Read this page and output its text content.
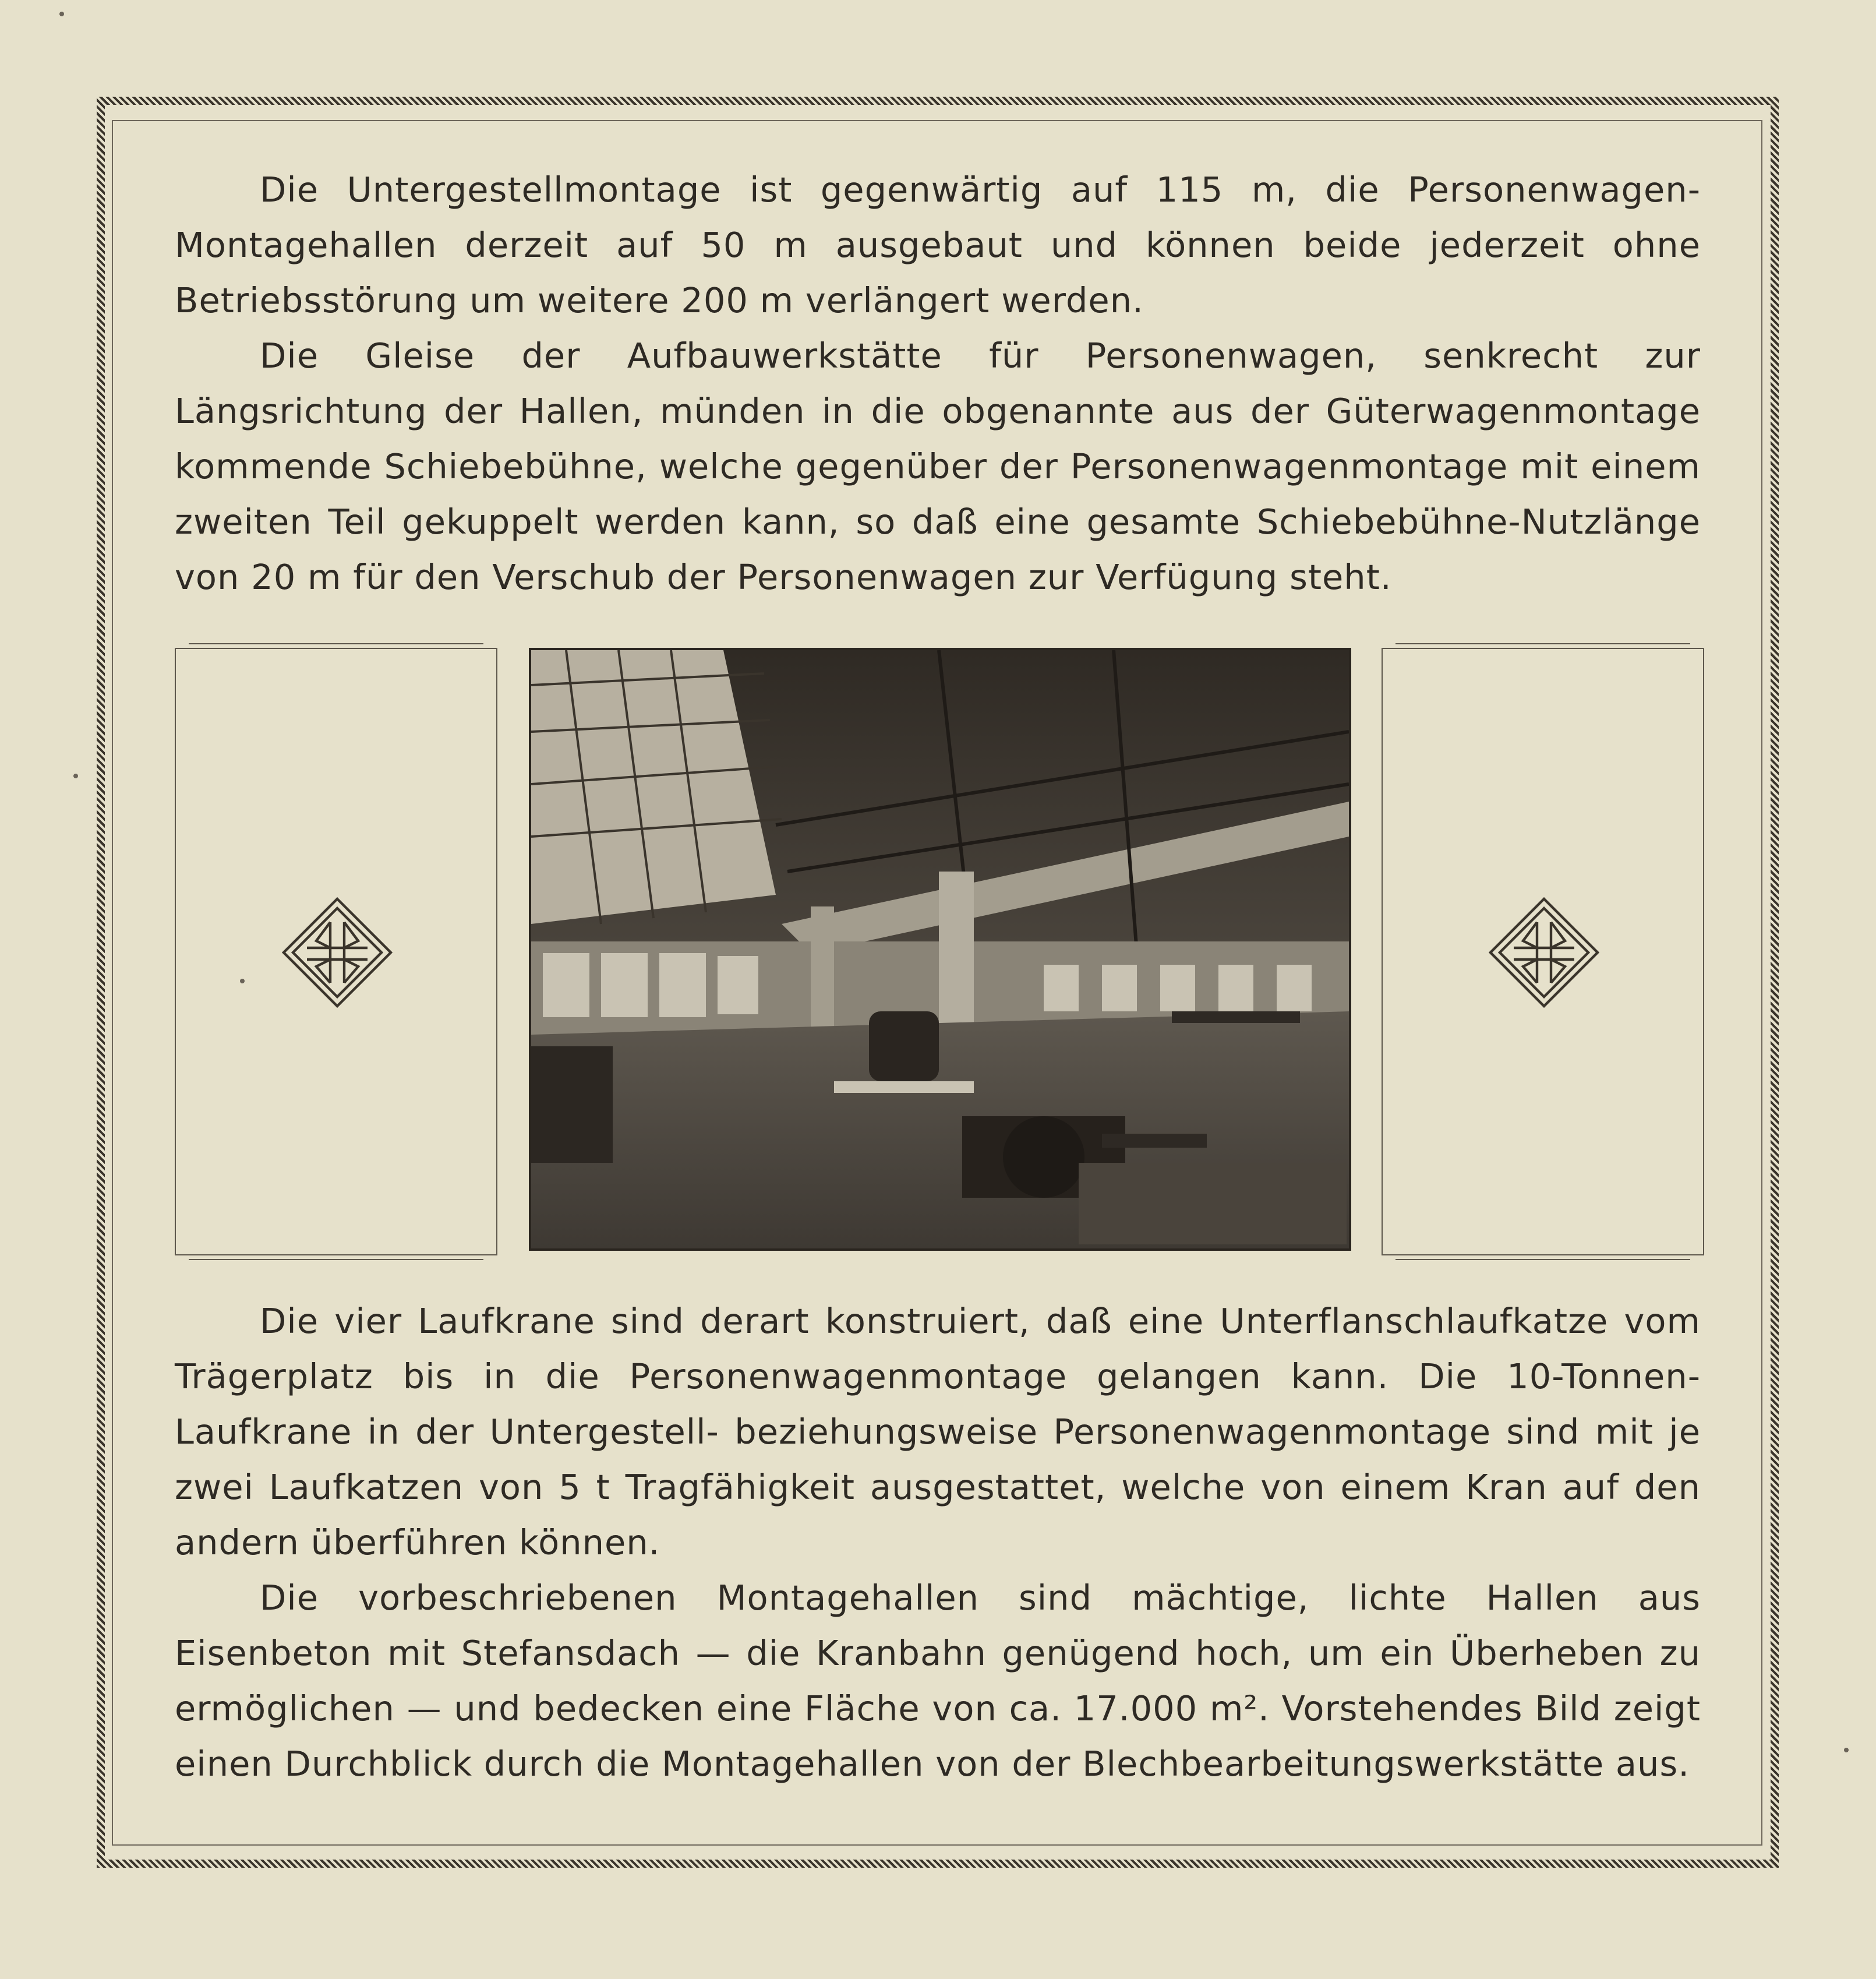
Die Untergestellmontage ist gegenwärtig auf 115 m, die Personenwagen-Montagehallen derzeit auf 50 m ausgebaut und können beide jederzeit ohne Betriebsstörung um weitere 200 m verlängert werden.

Die Gleise der Aufbauwerkstätte für Personenwagen, senkrecht zur Längsrichtung der Hallen, münden in die obgenannte aus der Güterwagenmontage kommende Schiebebühne, welche gegenüber der Personenwagenmontage mit einem zweiten Teil gekuppelt werden kann, so daß eine gesamte Schiebebühne-Nutzlänge von 20 m für den Verschub der Personenwagen zur Verfügung steht.

Die vier Laufkrane sind derart konstruiert, daß eine Unterflanschlaufkatze vom Trägerplatz bis in die Personenwagenmontage gelangen kann. Die 10-Tonnen-Laufkrane in der Untergestell- beziehungsweise Personenwagenmontage sind mit je zwei Laufkatzen von 5 t Tragfähigkeit ausgestattet, welche von einem Kran auf den andern überführen können.

Die vorbeschriebenen Montagehallen sind mächtige, lichte Hallen aus Eisenbeton mit Stefansdach — die Kranbahn genügend hoch, um ein Überheben zu ermöglichen — und bedecken eine Fläche von ca. 17.000 m². Vorstehendes Bild zeigt einen Durchblick durch die Montagehallen von der Blechbearbeitungswerkstätte aus.
